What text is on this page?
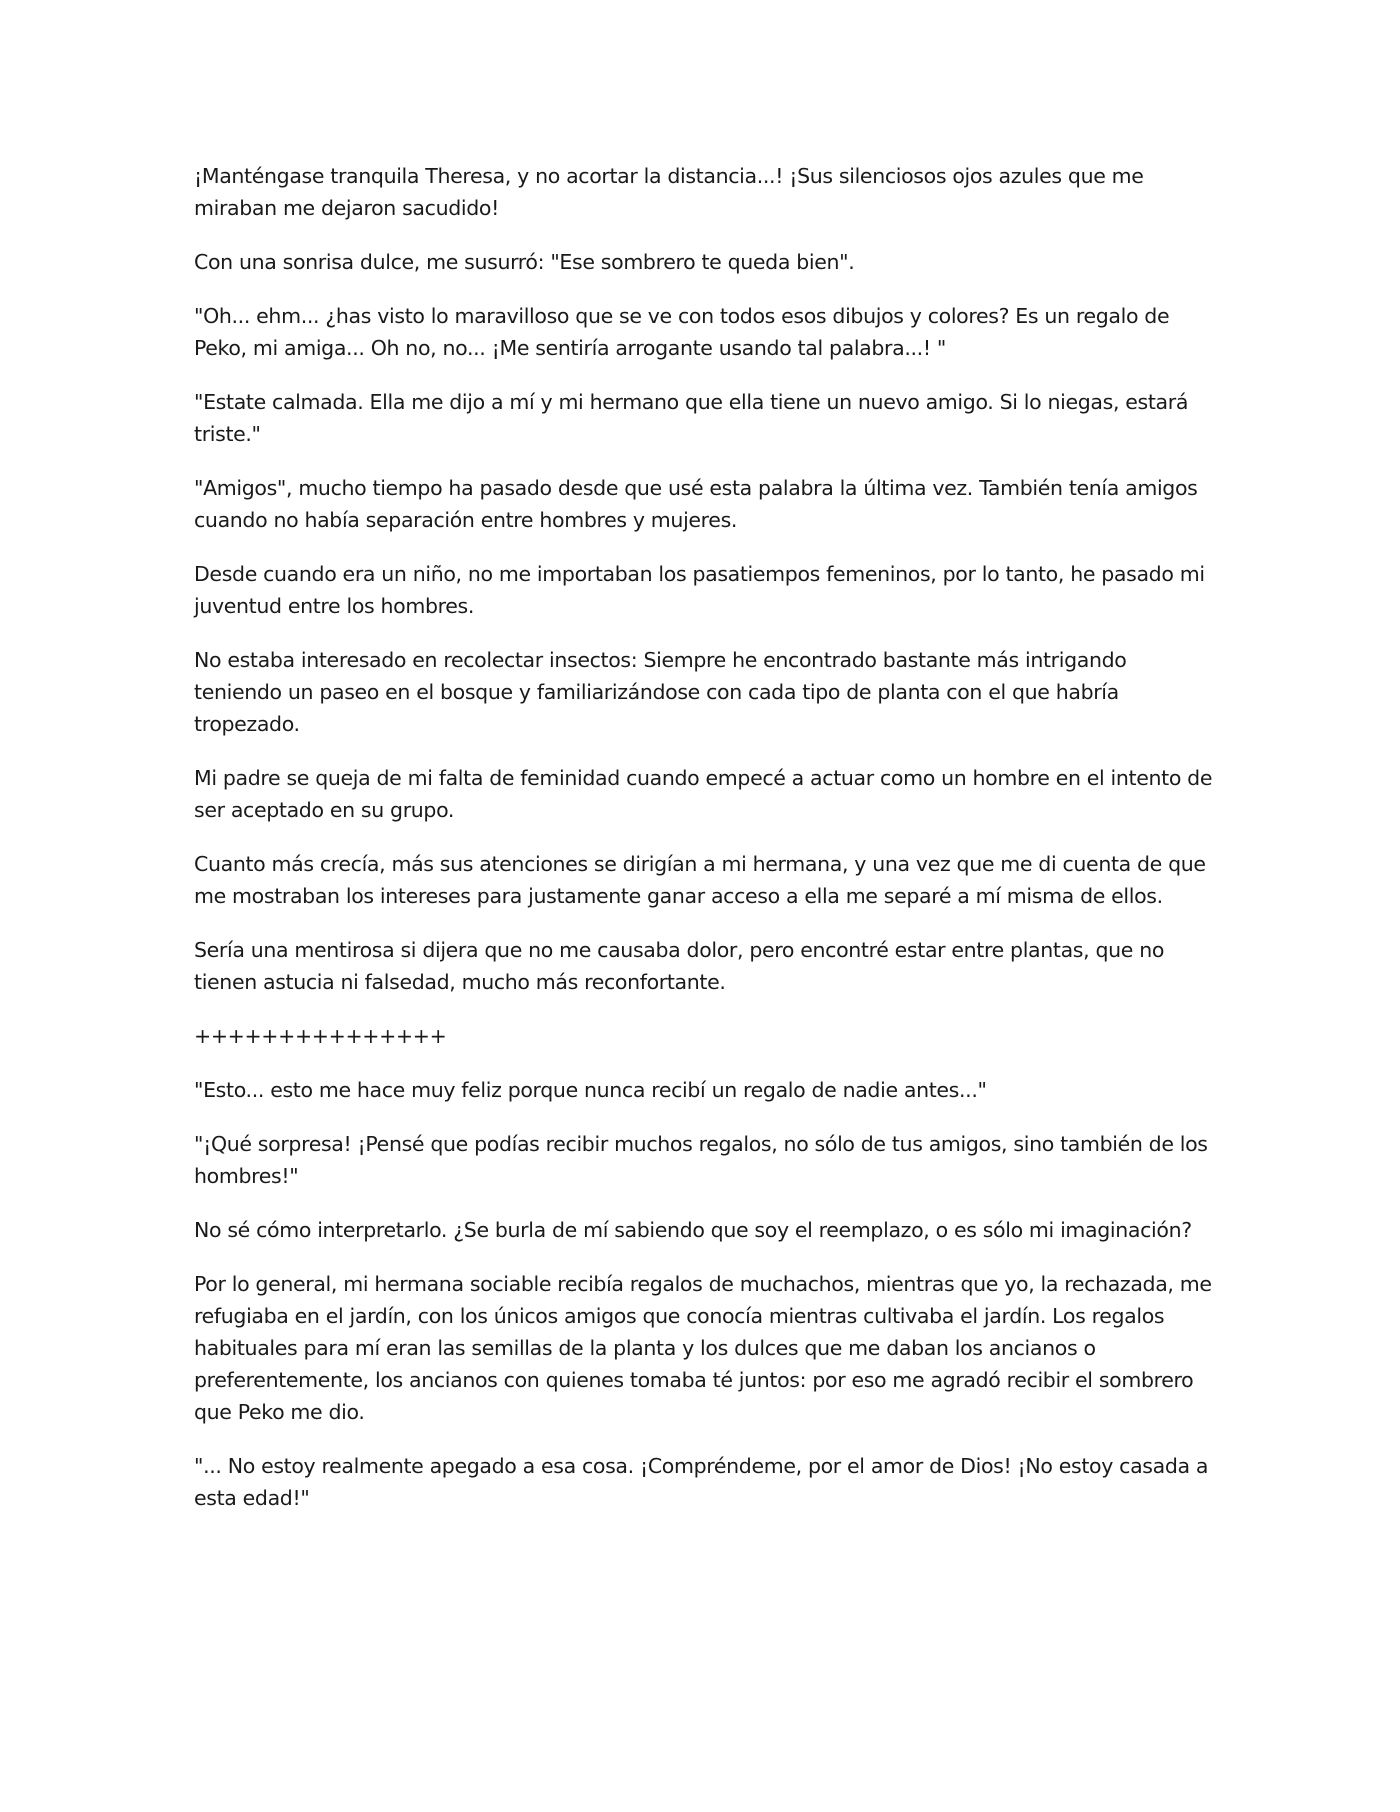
¡Manténgase tranquila Theresa, y no acortar la distancia...! ¡Sus silenciosos ojos azules que me miraban me dejaron sacudido!

Con una sonrisa dulce, me susurró: "Ese sombrero te queda bien".

"Oh... ehm... ¿has visto lo maravilloso que se ve con todos esos dibujos y colores? Es un regalo de Peko, mi amiga... Oh no, no... ¡Me sentiría arrogante usando tal palabra...! "

"Estate calmada. Ella me dijo a mí y mi hermano que ella tiene un nuevo amigo. Si lo niegas, estará triste."

"Amigos", mucho tiempo ha pasado desde que usé esta palabra la última vez. También tenía amigos cuando no había separación entre hombres y mujeres.

Desde cuando era un niño, no me importaban los pasatiempos femeninos, por lo tanto, he pasado mi juventud entre los hombres.

No estaba interesado en recolectar insectos: Siempre he encontrado bastante más intrigando teniendo un paseo en el bosque y familiarizándose con cada tipo de planta con el que habría tropezado.

Mi padre se queja de mi falta de feminidad cuando empecé a actuar como un hombre en el intento de ser aceptado en su grupo.

Cuanto más crecía, más sus atenciones se dirigían a mi hermana, y una vez que me di cuenta de que me mostraban los intereses para justamente ganar acceso a ella me separé a mí misma de ellos.

Sería una mentirosa si dijera que no me causaba dolor, pero encontré estar entre plantas, que no tienen astucia ni falsedad, mucho más reconfortante.

+++++++++++++++

"Esto... esto me hace muy feliz porque nunca recibí un regalo de nadie antes..."

"¡Qué sorpresa! ¡Pensé que podías recibir muchos regalos, no sólo de tus amigos, sino también de los hombres!"

No sé cómo interpretarlo. ¿Se burla de mí sabiendo que soy el reemplazo, o es sólo mi imaginación?

Por lo general, mi hermana sociable recibía regalos de muchachos, mientras que yo, la rechazada, me refugiaba en el jardín, con los únicos amigos que conocía mientras cultivaba el jardín. Los regalos habituales para mí eran las semillas de la planta y los dulces que me daban los ancianos o preferentemente, los ancianos con quienes tomaba té juntos: por eso me agradó recibir el sombrero que Peko me dio.

"... No estoy realmente apegado a esa cosa. ¡Compréndeme, por el amor de Dios! ¡No estoy casada a esta edad!"
